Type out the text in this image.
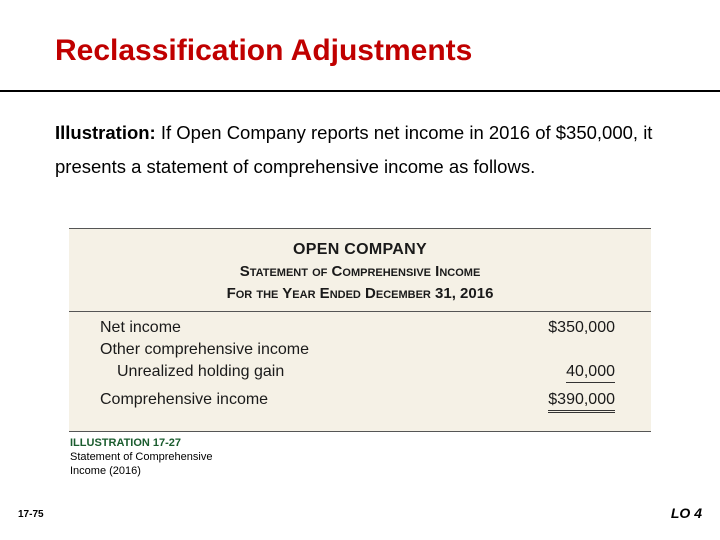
Reclassification Adjustments
Illustration: If Open Company reports net income in 2016 of $350,000, it presents a statement of comprehensive income as follows.
OPEN COMPANY
Statement of Comprehensive Income
For the Year Ended December 31, 2016
Net income	$350,000
Other comprehensive income
Unrealized holding gain	40,000
Comprehensive income	$390,000
ILLUSTRATION 17-27
Statement of Comprehensive
Income (2016)
17-75	LO 4
